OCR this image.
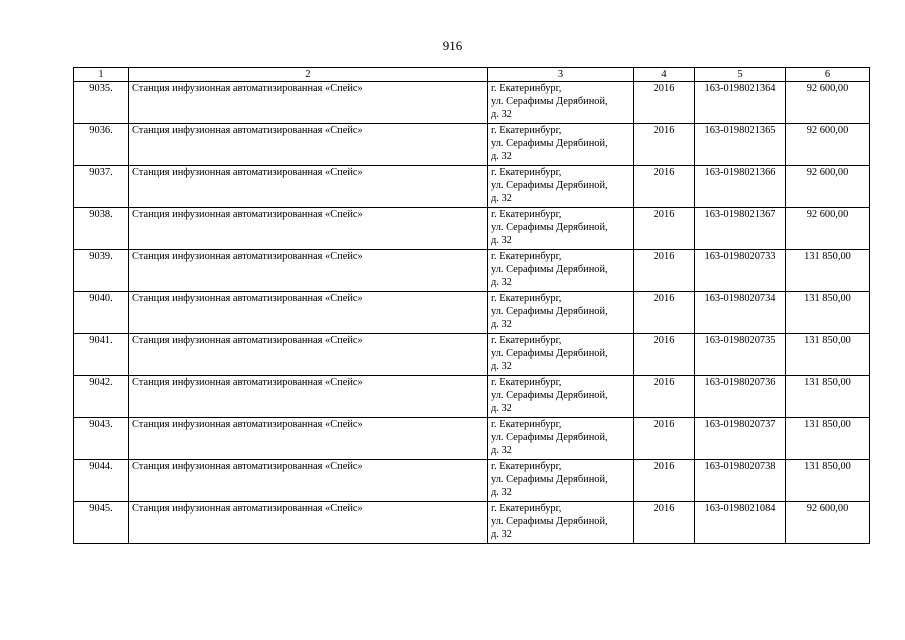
916
1	2	3	4	5	6
9035.	Станция инфузионная автоматизированная «Спейс»	г. Екатеринбург,
ул. Серафимы Дерябиной,
д. 32	2016	163-0198021364	92 600,00
9036.	Станция инфузионная автоматизированная «Спейс»	г. Екатеринбург,
ул. Серафимы Дерябиной,
д. 32	2016	163-0198021365	92 600,00
9037.	Станция инфузионная автоматизированная «Спейс»	г. Екатеринбург,
ул. Серафимы Дерябиной,
д. 32	2016	163-0198021366	92 600,00
9038.	Станция инфузионная автоматизированная «Спейс»	г. Екатеринбург,
ул. Серафимы Дерябиной,
д. 32	2016	163-0198021367	92 600,00
9039.	Станция инфузионная автоматизированная «Спейс»	г. Екатеринбург,
ул. Серафимы Дерябиной,
д. 32	2016	163-0198020733	131 850,00
9040.	Станция инфузионная автоматизированная «Спейс»	г. Екатеринбург,
ул. Серафимы Дерябиной,
д. 32	2016	163-0198020734	131 850,00
9041.	Станция инфузионная автоматизированная «Спейс»	г. Екатеринбург,
ул. Серафимы Дерябиной,
д. 32	2016	163-0198020735	131 850,00
9042.	Станция инфузионная автоматизированная «Спейс»	г. Екатеринбург,
ул. Серафимы Дерябиной,
д. 32	2016	163-0198020736	131 850,00
9043.	Станция инфузионная автоматизированная «Спейс»	г. Екатеринбург,
ул. Серафимы Дерябиной,
д. 32	2016	163-0198020737	131 850,00
9044.	Станция инфузионная автоматизированная «Спейс»	г. Екатеринбург,
ул. Серафимы Дерябиной,
д. 32	2016	163-0198020738	131 850,00
9045.	Станция инфузионная автоматизированная «Спейс»	г. Екатеринбург,
ул. Серафимы Дерябиной,
д. 32	2016	163-0198021084	92 600,00
